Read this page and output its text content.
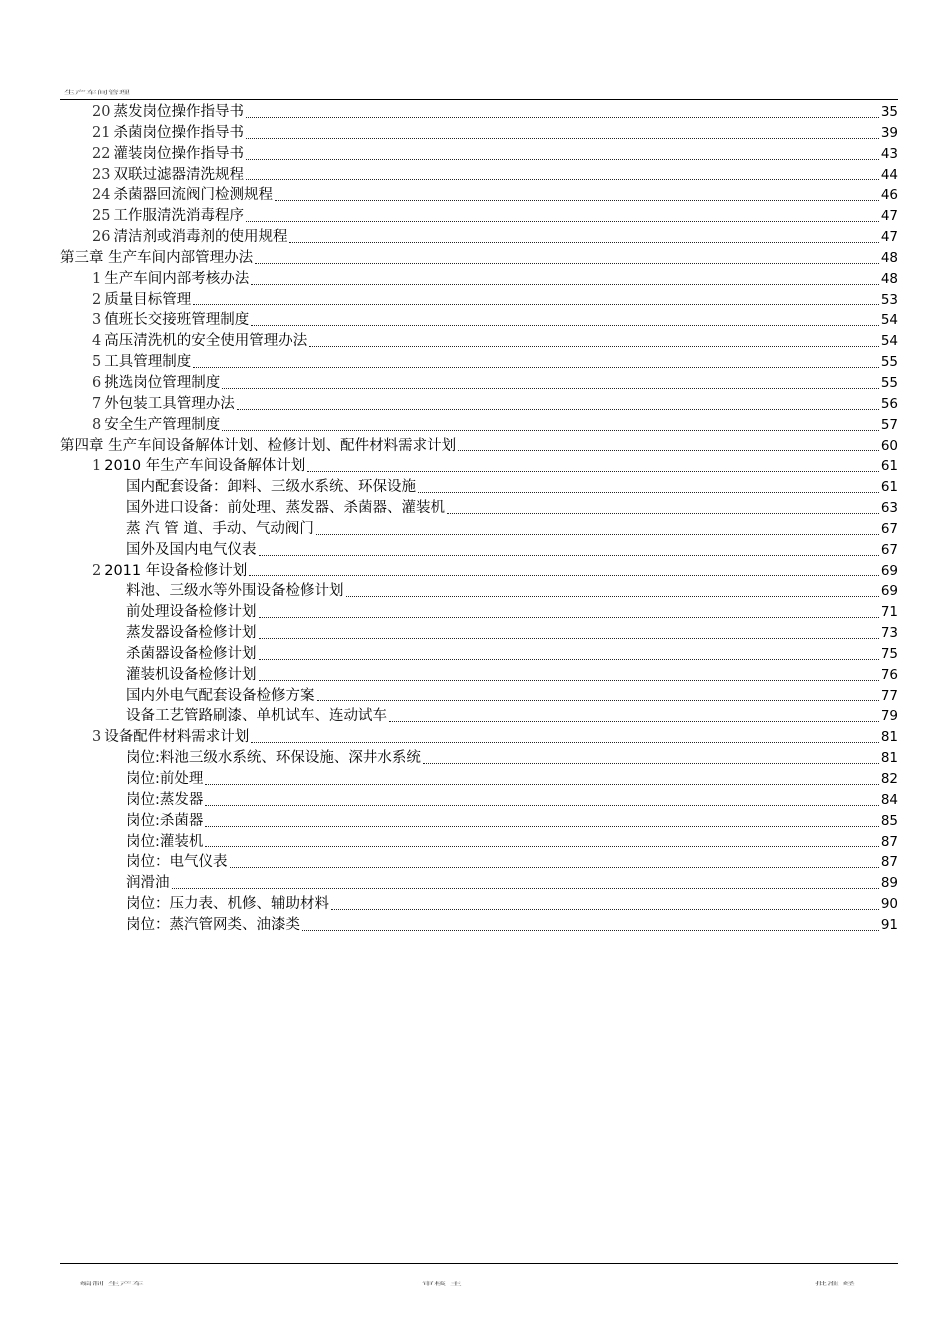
生产车间管理
20 蒸发岗位操作指导书	35
21 杀菌岗位操作指导书	39
22 灌装岗位操作指导书	43
23 双联过滤器清洗规程	44
24 杀菌器回流阀门检测规程	46
25 工作服清洗消毒程序	47
26 清洁剂或消毒剂的使用规程	47
第三章 生产车间内部管理办法	48
1 生产车间内部考核办法	48
2 质量目标管理	53
3 值班长交接班管理制度	54
4 高压清洗机的安全使用管理办法	54
5 工具管理制度	55
6 挑选岗位管理制度	55
7 外包装工具管理办法	56
8 安全生产管理制度	57
第四章 生产车间设备解体计划、检修计划、配件材料需求计划	60
1 2010 年生产车间设备解体计划	61
国内配套设备：卸料、三级水系统、环保设施	61
国外进口设备：前处理、蒸发器、杀菌器、灌装机	63
蒸 汽 管 道、手动、气动阀门	67
国外及国内电气仪表	67
2 2011 年设备检修计划	69
料池、三级水等外围设备检修计划	69
前处理设备检修计划	71
蒸发器设备检修计划	73
杀菌器设备检修计划	75
灌装机设备检修计划	76
国内外电气配套设备检修方案	77
设备工艺管路刷漆、单机试车、连动试车	79
3 设备配件材料需求计划	81
岗位:料池三级水系统、环保设施、深井水系统	81
岗位:前处理	82
岗位:蒸发器	84
岗位:杀菌器	85
岗位:灌装机	87
岗位：电气仪表	87
润滑油	89
岗位：压力表、机修、辅助材料	90
岗位：蒸汽管网类、油漆类	91
编制 生产车	审核 主	批准 经
